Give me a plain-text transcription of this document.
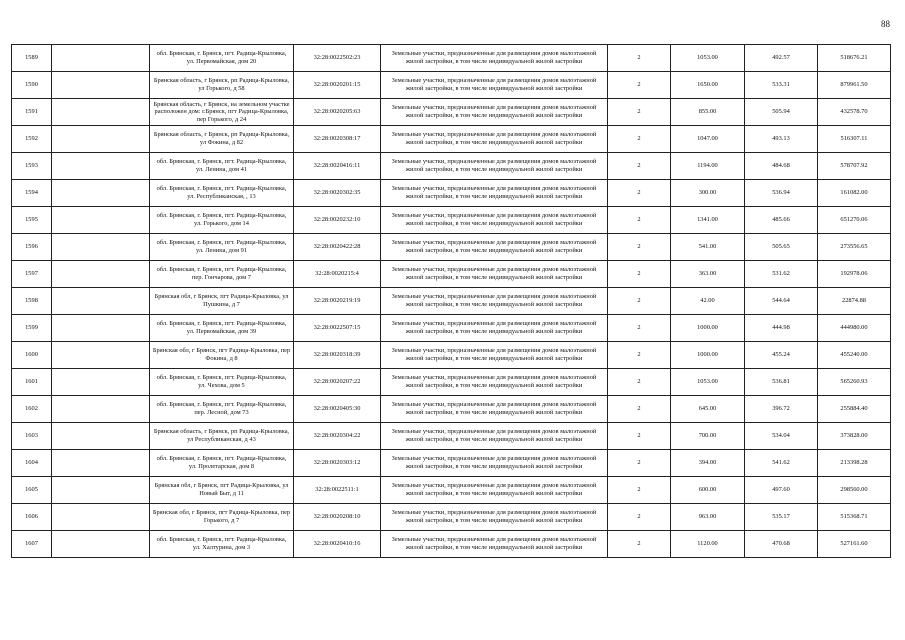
88
1589		обл. Брянская, г. Брянск, пгт. Радица-Крыловка, ул. Первомайская, дом 20	32:28:0022502:23	Земельные участки, предназначенные для размещения домов малоэтажной жилой застройки, в том числе индивидуальной жилой застройки	2	1053.00	492.57	518676.21
1590		Брянская область, г Брянск, рп Радица-Крыловка, ул Горького, д 58	32:28:0020201:15	Земельные участки, предназначенные для размещения домов малоэтажной жилой застройки, в том числе индивидуальной жилой застройки	2	1650.00	533.31	879961.50
1591		Брянская область, г Брянск, на земельном участке расположен дом: г.Брянск, пгт Радица-Крыловка, пер Горького, д 24	32:28:0020205:63	Земельные участки, предназначенные для размещения домов малоэтажной жилой застройки, в том числе индивидуальной жилой застройки	2	855.00	505.94	432578.70
1592		Брянская область, г Брянск, рп Радица-Крыловка, ул Фокина, д 82	32:28:0020308:17	Земельные участки, предназначенные для размещения домов малоэтажной жилой застройки, в том числе индивидуальной жилой застройки	2	1047.00	493.13	516307.11
1593		обл. Брянская, г. Брянск, пгт. Радица-Крыловка, ул. Ленина, дом 41	32:28:0020416:11	Земельные участки, предназначенные для размещения домов малоэтажной жилой застройки, в том числе индивидуальной жилой застройки	2	1194.00	484.68	578707.92
1594		обл. Брянская, г. Брянск, пгт. Радица-Крыловка, ул. Республиканская, , 13	32:28:0020302:35	Земельные участки, предназначенные для размещения домов малоэтажной жилой застройки, в том числе индивидуальной жилой застройки	2	300.00	536.94	161082.00
1595		обл. Брянская, г. Брянск, пгт. Радица-Крыловка, ул. Горького, дом 14	32:28:0020232:10	Земельные участки, предназначенные для размещения домов малоэтажной жилой застройки, в том числе индивидуальной жилой застройки	2	1341.00	485.66	651270.06
1596		обл. Брянская, г. Брянск, пгт. Радица-Крыловка, ул. Ленина, дом 91	32:28:0020422:28	Земельные участки, предназначенные для размещения домов малоэтажной жилой застройки, в том числе индивидуальной жилой застройки	2	541.00	505.65	273556.65
1597		обл. Брянская, г. Брянск, пгт. Радица-Крыловка, пер. Гончарова, дом 7	32:28:0020215:4	Земельные участки, предназначенные для размещения домов малоэтажной жилой застройки, в том числе индивидуальной жилой застройки	2	363.00	531.62	192978.06
1598		Брянская обл, г Брянск, пгт Радица-Крыловка, ул Пушкина, д 7	32:28:0020219:19	Земельные участки, предназначенные для размещения домов малоэтажной жилой застройки, в том числе индивидуальной жилой застройки	2	42.00	544.64	22874.88
1599		обл. Брянская, г. Брянск, пгт. Радица-Крыловка, ул. Первомайская, дом 39	32:28:0022507:15	Земельные участки, предназначенные для размещения домов малоэтажной жилой застройки, в том числе индивидуальной жилой застройки	2	1000.00	444.98	444980.00
1600		Брянская обл, г Брянск, пгт Радица-Крыловка, пер Фокина, д 8	32:28:0020318:39	Земельные участки, предназначенные для размещения домов малоэтажной жилой застройки, в том числе индивидуальной жилой застройки	2	1000.00	455.24	455240.00
1601		обл. Брянская, г. Брянск, пгт. Радица-Крыловка, ул. Чехова, дом 5	32:28:0020207:22	Земельные участки, предназначенные для размещения домов малоэтажной жилой застройки, в том числе индивидуальной жилой застройки	2	1053.00	536.81	565260.93
1602		обл. Брянская, г. Брянск, пгт. Радица-Крыловка, пер. Лесной, дом 73	32:28:0020405:30	Земельные участки, предназначенные для размещения домов малоэтажной жилой застройки, в том числе индивидуальной жилой застройки	2	645.00	396.72	255884.40
1603		Брянская область, г Брянск, рп Радица-Крыловка, ул Республиканская, д 43	32:28:0020304:22	Земельные участки, предназначенные для размещения домов малоэтажной жилой застройки, в том числе индивидуальной жилой застройки	2	700.00	534.04	373828.00
1604		обл. Брянская, г. Брянск, пгт. Радица-Крыловка, ул. Пролетарская, дом 8	32:28:0020303:12	Земельные участки, предназначенные для размещения домов малоэтажной жилой застройки, в том числе индивидуальной жилой застройки	2	394.00	541.62	213398.28
1605		Брянская обл, г Брянск, пгт Радица-Крыловка, ул Новый Быт, д 11	32:28:0022511:1	Земельные участки, предназначенные для размещения домов малоэтажной жилой застройки, в том числе индивидуальной жилой застройки	2	600.00	497.60	298560.00
1606		Брянская обл, г Брянск, пгт Радица-Крыловка, пер Горького, д 7	32:28:0020208:10	Земельные участки, предназначенные для размещения домов малоэтажной жилой застройки, в том числе индивидуальной жилой застройки	2	963.00	535.17	515368.71
1607		обл. Брянская, г. Брянск, пгт. Радица-Крыловка, ул. Халтурина, дом 3	32:28:0020410:16	Земельные участки, предназначенные для размещения домов малоэтажной жилой застройки, в том числе индивидуальной жилой застройки	2	1120.00	470.68	527161.60
